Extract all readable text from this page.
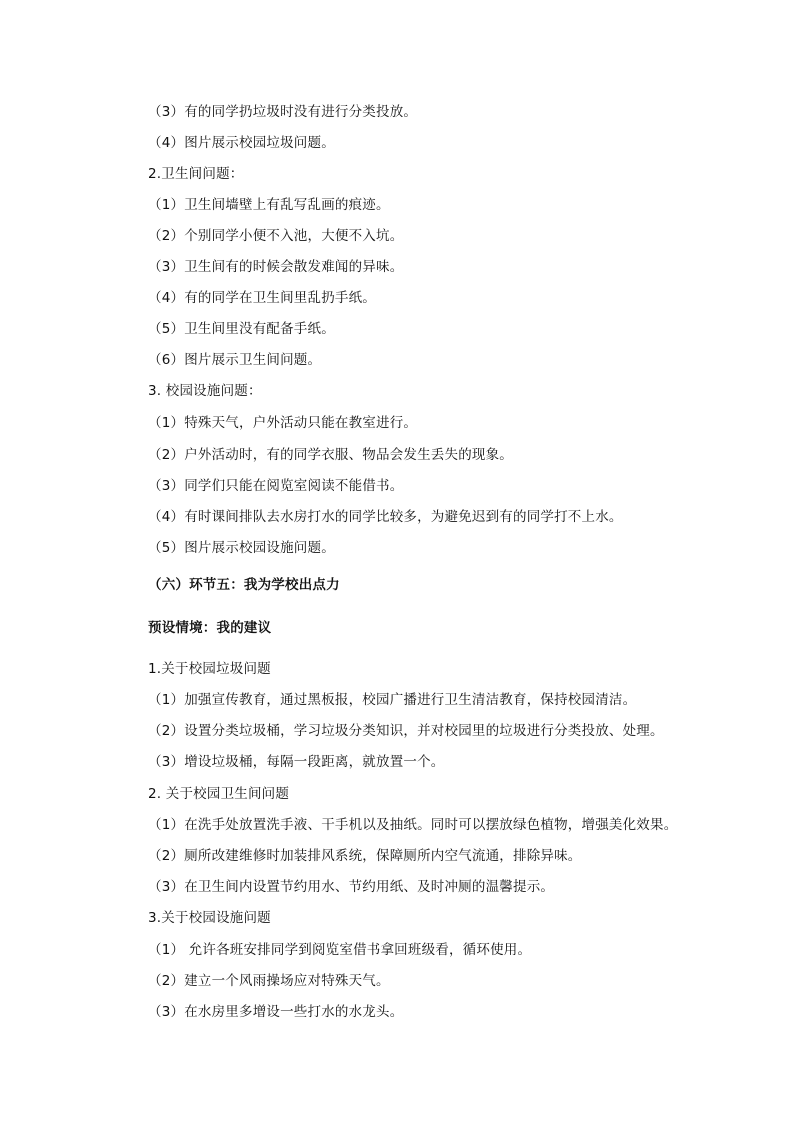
（3）有的同学扔垃圾时没有进行分类投放。
（4）图片展示校园垃圾问题。
2.卫生间问题：
（1）卫生间墙壁上有乱写乱画的痕迹。
（2）个别同学小便不入池，大便不入坑。
（3）卫生间有的时候会散发难闻的异味。
（4）有的同学在卫生间里乱扔手纸。
（5）卫生间里没有配备手纸。
（6）图片展示卫生间问题。
3. 校园设施问题：
（1）特殊天气，户外活动只能在教室进行。
（2）户外活动时，有的同学衣服、物品会发生丢失的现象。
（3）同学们只能在阅览室阅读不能借书。
（4）有时课间排队去水房打水的同学比较多，为避免迟到有的同学打不上水。
（5）图片展示校园设施问题。
（六）环节五：我为学校出点力
预设情境：我的建议
1.关于校园垃圾问题
（1）加强宣传教育，通过黑板报，校园广播进行卫生清洁教育，保持校园清洁。
（2）设置分类垃圾桶，学习垃圾分类知识，并对校园里的垃圾进行分类投放、处理。
（3）增设垃圾桶，每隔一段距离，就放置一个。
2. 关于校园卫生间问题
（1）在洗手处放置洗手液、干手机以及抽纸。同时可以摆放绿色植物，增强美化效果。
（2）厕所改建维修时加装排风系统，保障厕所内空气流通，排除异味。
（3）在卫生间内设置节约用水、节约用纸、及时冲厕的温馨提示。
3.关于校园设施问题
（1） 允许各班安排同学到阅览室借书拿回班级看，循环使用。
（2）建立一个风雨操场应对特殊天气。
（3）在水房里多增设一些打水的水龙头。
